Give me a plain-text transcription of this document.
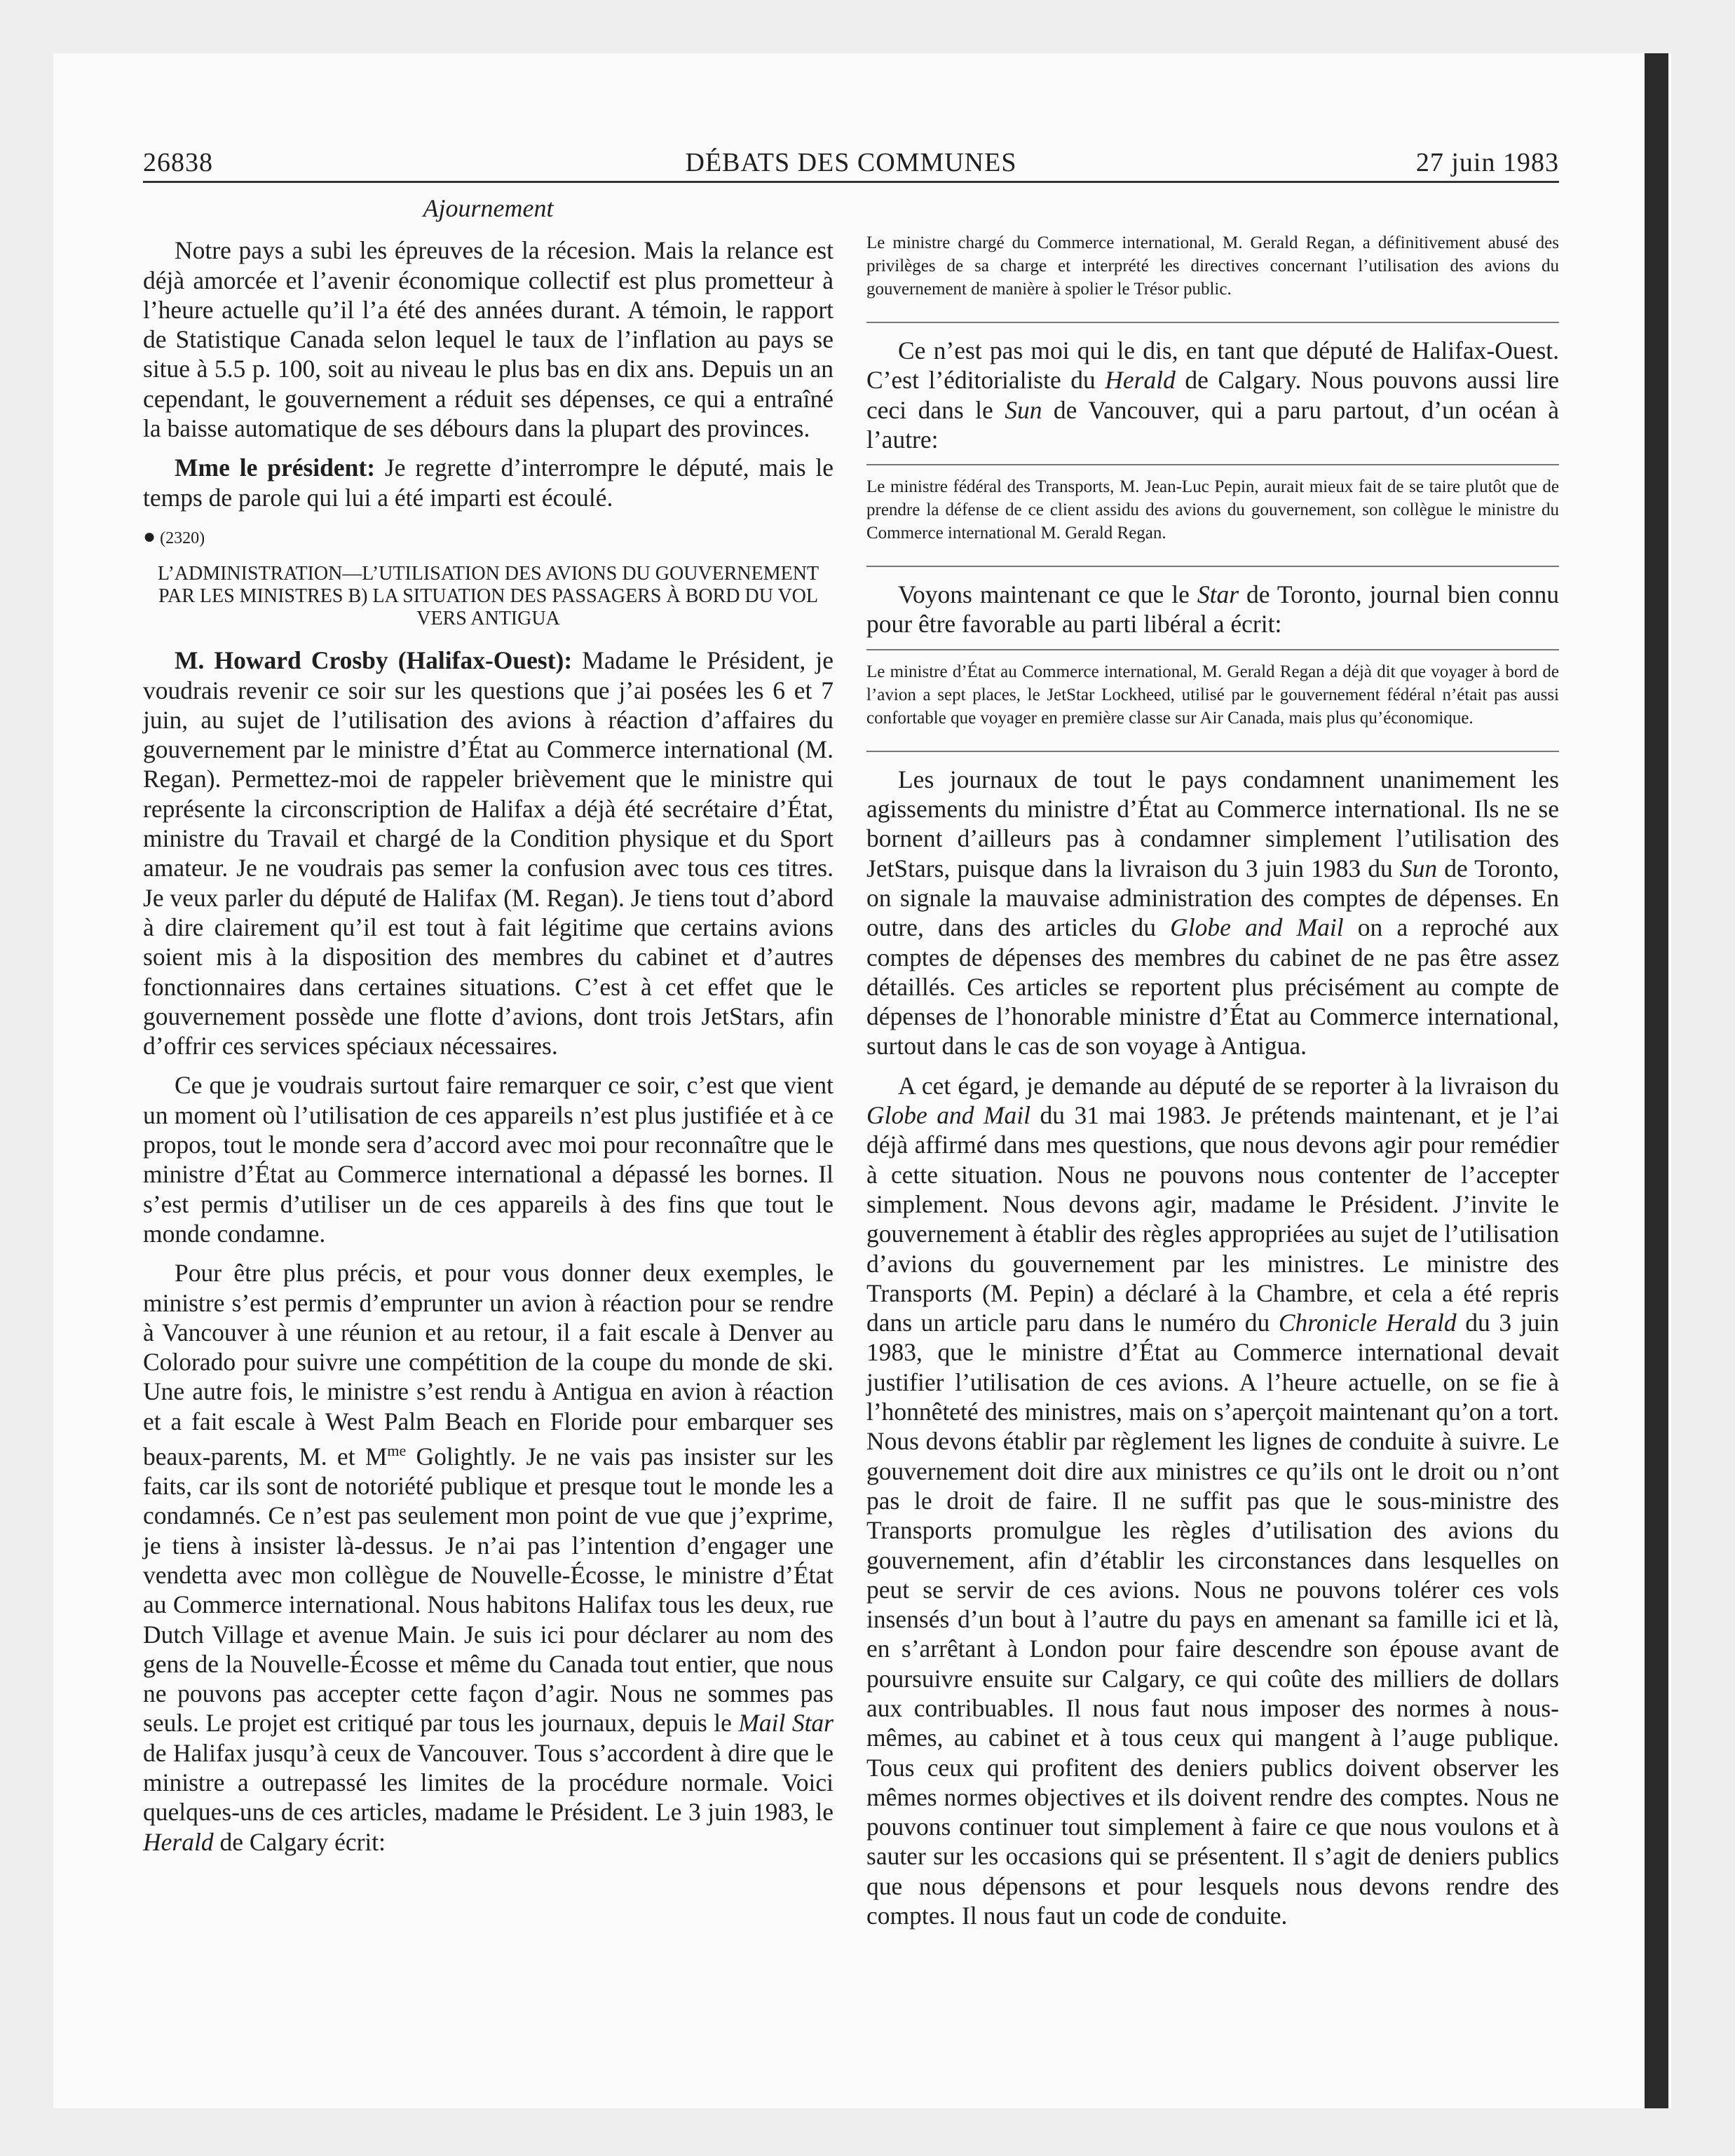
26838	DÉBATS DES COMMUNES	27 juin 1983
Ajournement

Notre pays a subi les épreuves de la récesion. Mais la relance est déjà amorcée et l’avenir économique collectif est plus prometteur à l’heure actuelle qu’il l’a été des années durant. A témoin, le rapport de Statistique Canada selon lequel le taux de l’inflation au pays se situe à 5.5 p. 100, soit au niveau le plus bas en dix ans. Depuis un an cependant, le gouvernement a réduit ses dépenses, ce qui a entraîné la baisse automatique de ses débours dans la plupart des provinces.

Mme le président: Je regrette d’interrompre le député, mais le temps de parole qui lui a été imparti est écoulé.

● (2320)

L’ADMINISTRATION—L’UTILISATION DES AVIONS DU GOUVERNEMENT PAR LES MINISTRES B) LA SITUATION DES PASSAGERS À BORD DU VOL VERS ANTIGUA

M. Howard Crosby (Halifax-Ouest): Madame le Président, je voudrais revenir ce soir sur les questions que j’ai posées les 6 et 7 juin, au sujet de l’utilisation des avions à réaction d’affaires du gouvernement par le ministre d’État au Commerce international (M. Regan). Permettez-moi de rappeler brièvement que le ministre qui représente la circonscription de Halifax a déjà été secrétaire d’État, ministre du Travail et chargé de la Condition physique et du Sport amateur. Je ne voudrais pas semer la confusion avec tous ces titres. Je veux parler du député de Halifax (M. Regan). Je tiens tout d’abord à dire clairement qu’il est tout à fait légitime que certains avions soient mis à la disposition des membres du cabinet et d’autres fonctionnaires dans certaines situations. C’est à cet effet que le gouvernement possède une flotte d’avions, dont trois JetStars, afin d’offrir ces services spéciaux nécessaires.

Ce que je voudrais surtout faire remarquer ce soir, c’est que vient un moment où l’utilisation de ces appareils n’est plus justifiée et à ce propos, tout le monde sera d’accord avec moi pour reconnaître que le ministre d’État au Commerce international a dépassé les bornes. Il s’est permis d’utiliser un de ces appareils à des fins que tout le monde condamne.

Pour être plus précis, et pour vous donner deux exemples, le ministre s’est permis d’emprunter un avion à réaction pour se rendre à Vancouver à une réunion et au retour, il a fait escale à Denver au Colorado pour suivre une compétition de la coupe du monde de ski. Une autre fois, le ministre s’est rendu à Antigua en avion à réaction et a fait escale à West Palm Beach en Floride pour embarquer ses beaux-parents, M. et $M^{me}$ Golightly. Je ne vais pas insister sur les faits, car ils sont de notoriété publique et presque tout le monde les a condamnés. Ce n’est pas seulement mon point de vue que j’exprime, je tiens à insister là-dessus. Je n’ai pas l’intention d’engager une vendetta avec mon collègue de Nouvelle-Écosse, le ministre d’État au Commerce international. Nous habitons Halifax tous les deux, rue Dutch Village et avenue Main. Je suis ici pour déclarer au nom des gens de la Nouvelle-Écosse et même du Canada tout entier, que nous ne pouvons pas accepter cette façon d’agir. Nous ne sommes pas seuls. Le projet est critiqué par tous les journaux, depuis le Mail Star de Halifax jusqu’à ceux de Vancouver. Tous s’accordent à dire que le ministre a outrepassé les limites de la procédure normale. Voici quelques-uns de ces articles, madame le Président. Le 3 juin 1983, le Herald de Calgary écrit:

Le ministre chargé du Commerce international, M. Gerald Regan, a définitivement abusé des privilèges de sa charge et interprété les directives concernant l’utilisation des avions du gouvernement de manière à spolier le Trésor public.

Ce n’est pas moi qui le dis, en tant que député de Halifax-Ouest. C’est l’éditorialiste du Herald de Calgary. Nous pouvons aussi lire ceci dans le Sun de Vancouver, qui a paru partout, d’un océan à l’autre:

Le ministre fédéral des Transports, M. Jean-Luc Pepin, aurait mieux fait de se taire plutôt que de prendre la défense de ce client assidu des avions du gouvernement, son collègue le ministre du Commerce international M. Gerald Regan.

Voyons maintenant ce que le Star de Toronto, journal bien connu pour être favorable au parti libéral a écrit:

Le ministre d’État au Commerce international, M. Gerald Regan a déjà dit que voyager à bord de l’avion a sept places, le JetStar Lockheed, utilisé par le gouvernement fédéral n’était pas aussi confortable que voyager en première classe sur Air Canada, mais plus qu’économique.

Les journaux de tout le pays condamnent unanimement les agissements du ministre d’État au Commerce international. Ils ne se bornent d’ailleurs pas à condamner simplement l’utilisation des JetStars, puisque dans la livraison du 3 juin 1983 du Sun de Toronto, on signale la mauvaise administration des comptes de dépenses. En outre, dans des articles du Globe and Mail on a reproché aux comptes de dépenses des membres du cabinet de ne pas être assez détaillés. Ces articles se reportent plus précisément au compte de dépenses de l’honorable ministre d’État au Commerce international, surtout dans le cas de son voyage à Antigua.

A cet égard, je demande au député de se reporter à la livraison du Globe and Mail du 31 mai 1983. Je prétends maintenant, et je l’ai déjà affirmé dans mes questions, que nous devons agir pour remédier à cette situation. Nous ne pouvons nous contenter de l’accepter simplement. Nous devons agir, madame le Président. J’invite le gouvernement à établir des règles appropriées au sujet de l’utilisation d’avions du gouvernement par les ministres. Le ministre des Transports (M. Pepin) a déclaré à la Chambre, et cela a été repris dans un article paru dans le numéro du Chronicle Herald du 3 juin 1983, que le ministre d’État au Commerce international devait justifier l’utilisation de ces avions. A l’heure actuelle, on se fie à l’honnêteté des ministres, mais on s’aperçoit maintenant qu’on a tort. Nous devons établir par règlement les lignes de conduite à suivre. Le gouvernement doit dire aux ministres ce qu’ils ont le droit ou n’ont pas le droit de faire. Il ne suffit pas que le sous-ministre des Transports promulgue les règles d’utilisation des avions du gouvernement, afin d’établir les circonstances dans lesquelles on peut se servir de ces avions. Nous ne pouvons tolérer ces vols insensés d’un bout à l’autre du pays en amenant sa famille ici et là, en s’arrêtant à London pour faire descendre son épouse avant de poursuivre ensuite sur Calgary, ce qui coûte des milliers de dollars aux contribuables. Il nous faut nous imposer des normes à nous-mêmes, au cabinet et à tous ceux qui mangent à l’auge publique. Tous ceux qui profitent des deniers publics doivent observer les mêmes normes objectives et ils doivent rendre des comptes. Nous ne pouvons continuer tout simplement à faire ce que nous voulons et à sauter sur les occasions qui se présentent. Il s’agit de deniers publics que nous dépensons et pour lesquels nous devons rendre des comptes. Il nous faut un code de conduite.
